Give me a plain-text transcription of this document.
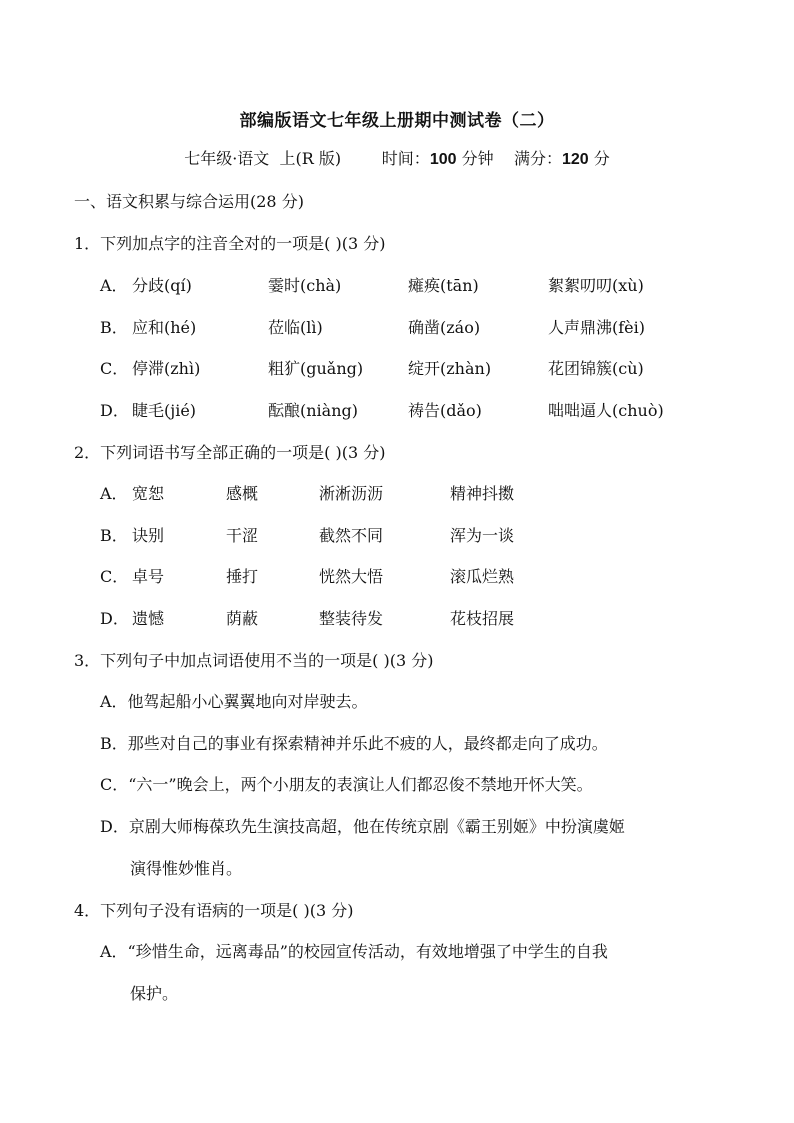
部编版语文七年级上册期中测试卷（二）
七年级·语文  上(R 版)	时间：100 分钟 满分：120 分
一、语文积累与综合运用(28 分)
1．下列加点字的注音全对的一项是( )(3 分)
A． 分歧(qí)	霎时(chà)	瘫痪(tān)	絮絮叨叨(xù)
B． 应和(hé)	莅临(lì)	确凿(záo)	人声鼎沸(fèi)
C． 停滞(zhì)	粗犷(guǎng)	绽开(zhàn)	花团锦簇(cù)
D． 睫毛(jié)	酝酿(niàng)	祷告(dǎo)	咄咄逼人(chuò)
2．下列词语书写全部正确的一项是( )(3 分)
A． 宽恕	感概	淅淅沥沥	精神抖擞
B． 诀别	干涩	截然不同	浑为一谈
C． 卓号	捶打	恍然大悟	滚瓜烂熟
D． 遗憾	荫蔽	整装待发	花枝招展
3．下列句子中加点词语使用不当的一项是( )(3 分)
A．他驾起船小心翼翼地向对岸驶去。
B．那些对自己的事业有探索精神并乐此不疲的人，最终都走向了成功。
C．“六一”晚会上，两个小朋友的表演让人们都忍俊不禁地开怀大笑。
D．京剧大师梅葆玖先生演技高超，他在传统京剧《霸王别姬》中扮演虞姬
演得惟妙惟肖。
4．下列句子没有语病的一项是( )(3 分)
A．“珍惜生命，远离毒品”的校园宣传活动，有效地增强了中学生的自我
保护。
